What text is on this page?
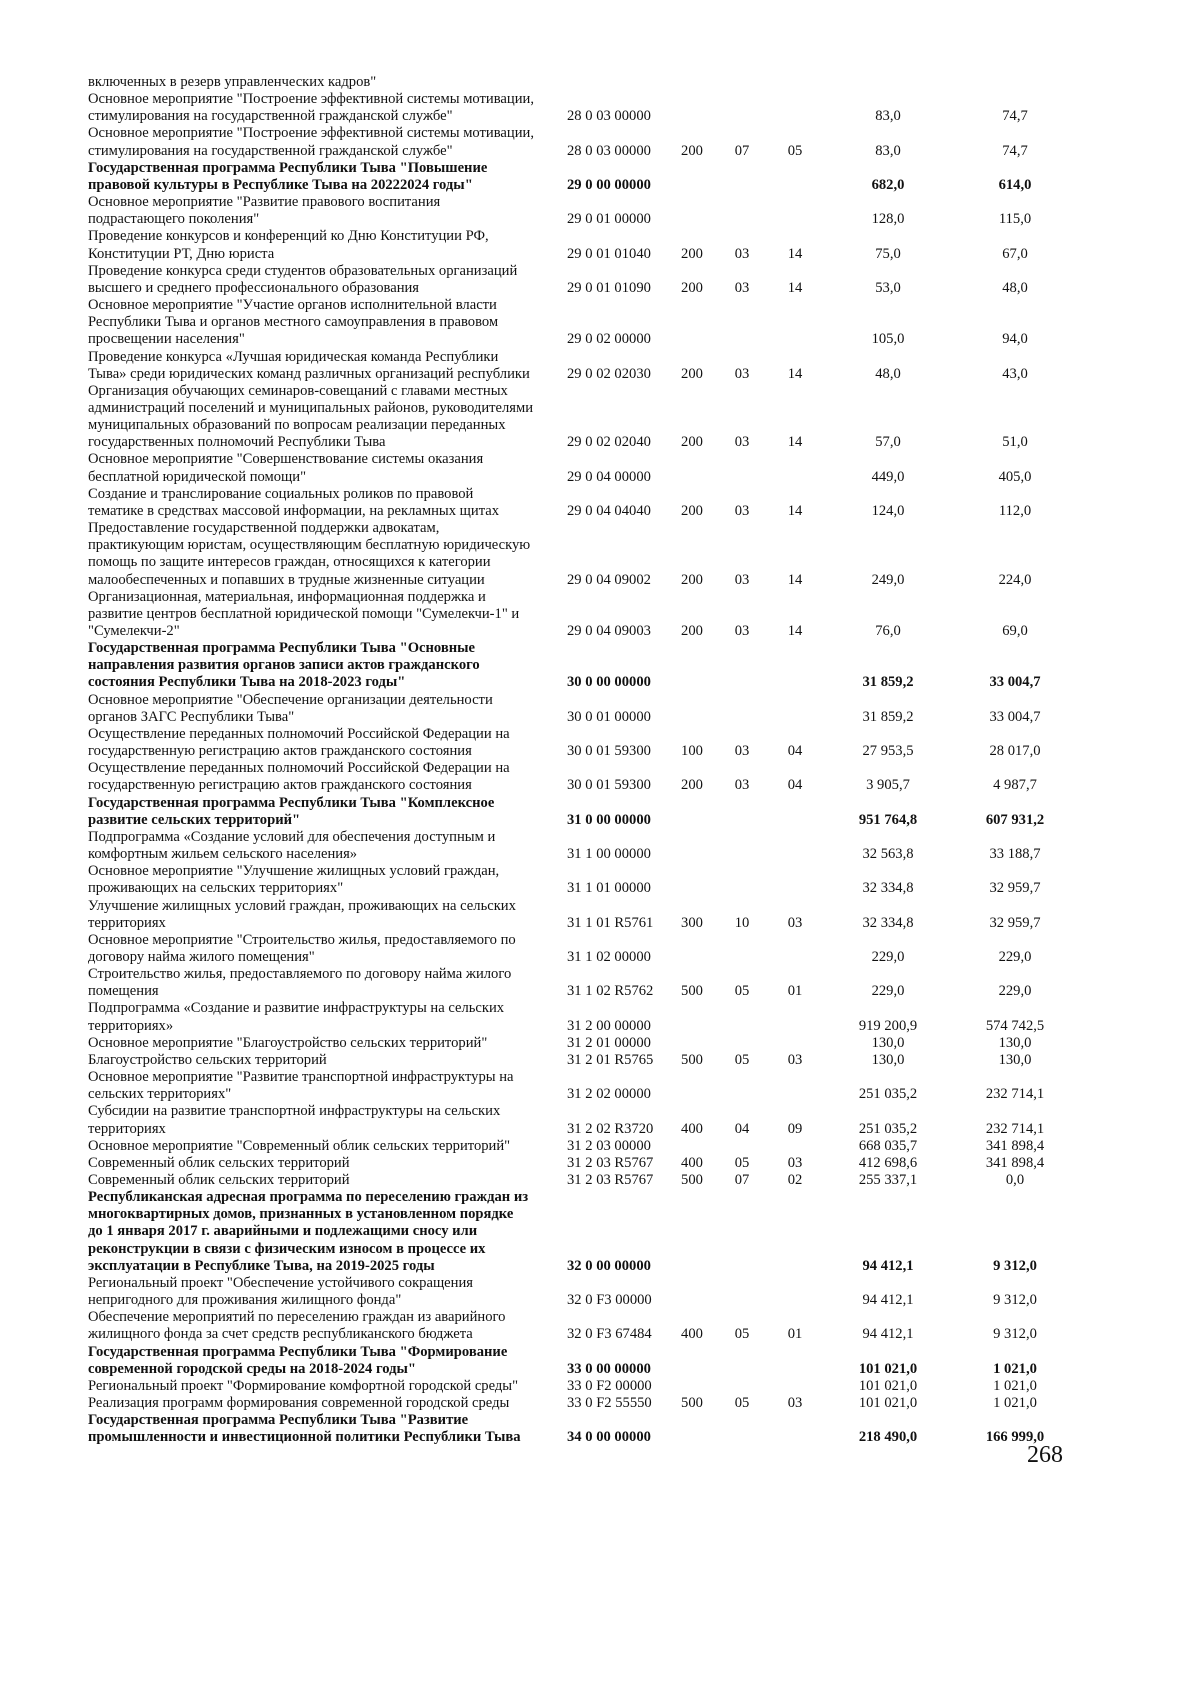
включенных в резерв управленческих кадров"						
Основное мероприятие "Построение эффективной системы мотивации,
стимулирования на государственной гражданской службе"	28 0 03 00000				83,0	74,7
Основное мероприятие "Построение эффективной системы мотивации,
стимулирования на государственной гражданской службе"	28 0 03 00000	200	07	05	83,0	74,7
Государственная программа Республики Тыва "Повышение
правовой культуры в Республике Тыва на 20222024 годы"	29 0 00 00000				682,0	614,0
Основное мероприятие "Развитие правового воспитания
подрастающего поколения"	29 0 01 00000				128,0	115,0
Проведение конкурсов и конференций ко Дню Конституции РФ,
Конституции РТ, Дню юриста	29 0 01 01040	200	03	14	75,0	67,0
Проведение конкурса среди студентов образовательных организаций
высшего и среднего профессионального образования	29 0 01 01090	200	03	14	53,0	48,0
Основное мероприятие "Участие органов исполнительной власти
Республики Тыва и органов местного самоуправления в правовом
просвещении населения"	29 0 02 00000				105,0	94,0
Проведение конкурса «Лучшая юридическая команда Республики
Тыва» среди юридических команд различных организаций республики	29 0 02 02030	200	03	14	48,0	43,0
Организация обучающих семинаров-совещаний с главами местных
администраций поселений и муниципальных районов, руководителями
муниципальных образований по вопросам реализации переданных
государственных полномочий Республики Тыва	29 0 02 02040	200	03	14	57,0	51,0
Основное мероприятие "Совершенствование системы оказания
бесплатной юридической помощи"	29 0 04 00000				449,0	405,0
Создание и транслирование социальных роликов по правовой
тематике в средствах массовой информации, на рекламных щитах	29 0 04 04040	200	03	14	124,0	112,0
Предоставление государственной поддержки адвокатам,
практикующим юристам, осуществляющим бесплатную юридическую
помощь по защите интересов граждан, относящихся к категории
малообеспеченных и попавших в трудные жизненные ситуации	29 0 04 09002	200	03	14	249,0	224,0
Организационная, материальная, информационная поддержка и
развитие центров бесплатной юридической помощи "Сумелекчи-1" и
"Сумелекчи-2"	29 0 04 09003	200	03	14	76,0	69,0
Государственная программа Республики Тыва "Основные
направления развития органов записи актов гражданского
состояния Республики Тыва на 2018-2023 годы"	30 0 00 00000				31 859,2	33 004,7
Основное мероприятие "Обеспечение организации деятельности
органов ЗАГС Республики Тыва"	30 0 01 00000				31 859,2	33 004,7
Осуществление переданных полномочий Российской Федерации на
государственную регистрацию актов гражданского состояния	30 0 01 59300	100	03	04	27 953,5	28 017,0
Осуществление переданных полномочий Российской Федерации на
государственную регистрацию актов гражданского состояния	30 0 01 59300	200	03	04	3 905,7	4 987,7
Государственная программа Республики Тыва "Комплексное
развитие сельских территорий"	31 0 00 00000				951 764,8	607 931,2
Подпрограмма «Создание условий для обеспечения доступным и
комфортным жильем сельского населения»	31 1 00 00000				32 563,8	33 188,7
Основное мероприятие "Улучшение жилищных условий граждан,
проживающих на сельских территориях"	31 1 01 00000				32 334,8	32 959,7
Улучшение жилищных условий граждан, проживающих на сельских
территориях	31 1 01 R5761	300	10	03	32 334,8	32 959,7
Основное мероприятие "Строительство жилья, предоставляемого по
договору найма жилого помещения"	31 1 02 00000				229,0	229,0
Строительство жилья, предоставляемого по договору найма жилого
помещения	31 1 02 R5762	500	05	01	229,0	229,0
Подпрограмма «Создание и развитие инфраструктуры на сельских
территориях»	31 2 00 00000				919 200,9	574 742,5
Основное мероприятие "Благоустройство сельских территорий"	31 2 01 00000				130,0	130,0
Благоустройство сельских территорий	31 2 01 R5765	500	05	03	130,0	130,0
Основное мероприятие "Развитие транспортной инфраструктуры на
сельских территориях"	31 2 02 00000				251 035,2	232 714,1
Субсидии на развитие транспортной инфраструктуры на сельских
территориях	31 2 02 R3720	400	04	09	251 035,2	232 714,1
Основное мероприятие "Современный облик сельских территорий"	31 2 03 00000				668 035,7	341 898,4
Современный облик сельских территорий	31 2 03 R5767	400	05	03	412 698,6	341 898,4
Современный облик сельских территорий	31 2 03 R5767	500	07	02	255 337,1	0,0
Республиканская адресная программа по переселению граждан из
многоквартирных домов, признанных в установленном порядке
до 1 января 2017 г. аварийными и подлежащими сносу или
реконструкции в связи с физическим износом в процессе их
эксплуатации в Республике Тыва, на 2019-2025 годы	32 0 00 00000				94 412,1	9 312,0
Региональный проект "Обеспечение устойчивого сокращения
непригодного для проживания жилищного фонда"	32 0 F3 00000				94 412,1	9 312,0
Обеспечение мероприятий по переселению граждан из аварийного
жилищного фонда за счет средств республиканского бюджета	32 0 F3 67484	400	05	01	94 412,1	9 312,0
Государственная программа Республики Тыва "Формирование
современной городской среды на 2018-2024 годы"	33 0 00 00000				101 021,0	1 021,0
Региональный проект "Формирование комфортной городской среды"	33 0 F2 00000				101 021,0	1 021,0
Реализация программ формирования современной городской среды	33 0 F2 55550	500	05	03	101 021,0	1 021,0
Государственная программа Республики Тыва "Развитие
промышленности и инвестиционной политики Республики Тыва	34 0 00 00000				218 490,0	166 999,0
268
